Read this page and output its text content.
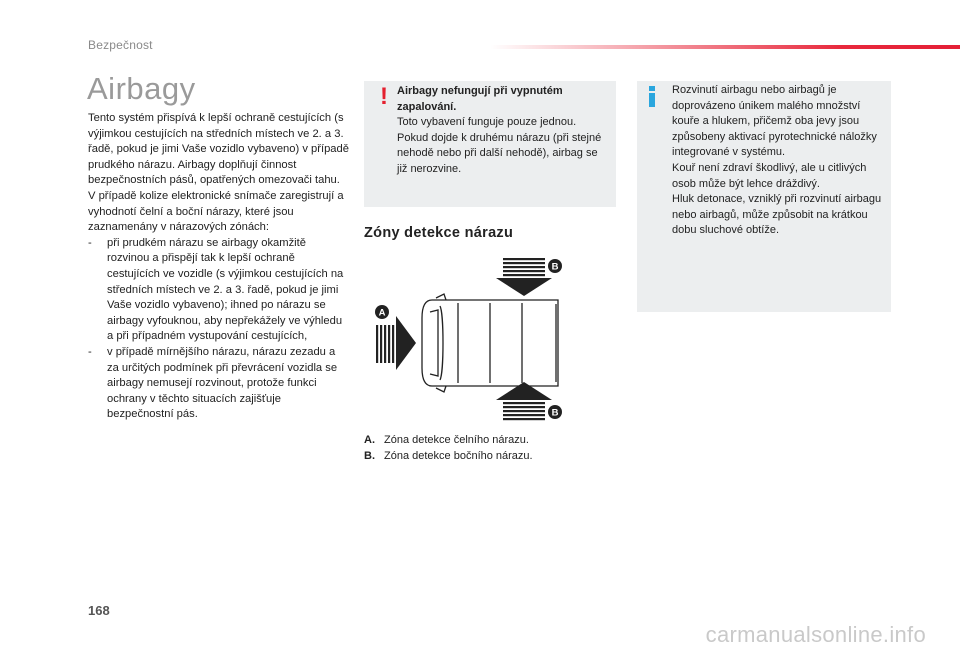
Bezpečnost
Airbagy

Tento systém přispívá k lepší ochraně cestujících (s výjimkou cestujících na středních místech ve 2. a 3. řadě, pokud je jimi Vaše vozidlo vybaveno) v případě prudkého nárazu. Airbagy doplňují činnost bezpečnostních pásů, opatřených omezovači tahu.

V případě kolize elektronické snímače zaregistrují a vyhodnotí čelní a boční nárazy, které jsou zaznamenány v nárazových zónách:

- při prudkém nárazu se airbagy okamžitě rozvinou a přispějí tak k lepší ochraně cestujících ve vozidle (s výjimkou cestujících na středních místech ve 2. a 3. řadě, pokud je jimi Vaše vozidlo vybaveno); ihned po nárazu se airbagy vyfouknou, aby nepřekážely ve výhledu a při případném vystupování cestujících,
- v případě mírnějšího nárazu, nárazu zezadu a za určitých podmínek při převrácení vozidla se airbagy nemusejí rozvinout, protože funkci ochrany v těchto situacích zajišťuje bezpečnostní pás.
! Airbagy nefungují při vypnutém zapalování.
Toto vybavení funguje pouze jednou. Pokud dojde k druhému nárazu (při stejné nehodě nebo při další nehodě), airbag se již nerozvine.

Rozvinutí airbagu nebo airbagů je doprovázeno únikem malého množství kouře a hlukem, přičemž oba jevy jsou způsobeny aktivací pyrotechnické náložky integrované v systému.

Kouř není zdraví škodlivý, ale u citlivých osob může být lehce dráždivý.

Hluk detonace, vzniklý při rozvinutí airbagu nebo airbagů, může způsobit na krátkou dobu sluchové obtíže.

Zóny detekce nárazu
B
A
B
A. Zóna detekce čelního nárazu.
B. Zóna detekce bočního nárazu.
168
carmanualsonline.info
